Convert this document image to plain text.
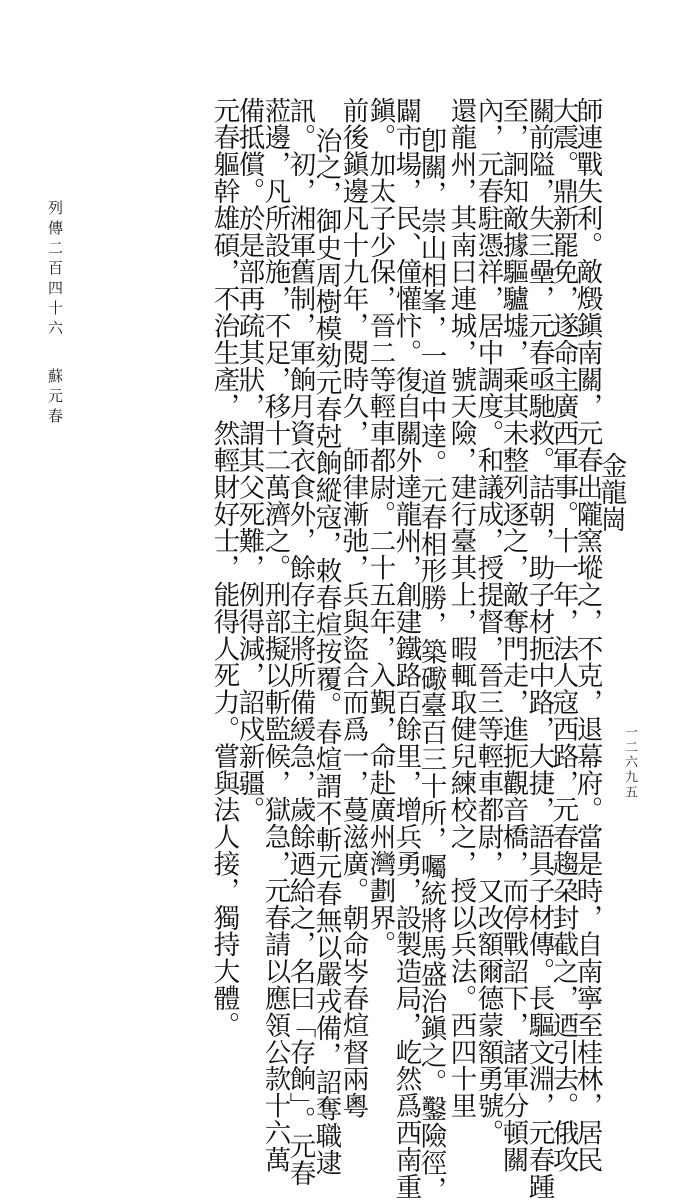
金龍崗
師連戰失利。敵燬鎭南關，元春出隴窯㙡之，不克，退幕府。當是時，自南寧至桂林，居民
大震。鼎新罷免，遂命主廣西軍事。十一年，法人寇西路，元春趨朶封截之，迺引去。俄攻
關前隘，失三壘，元春亟馳救。詰朝，助子材扼中路，大捷，語具子材傳。長驅文淵，元春踵
至，詗知敵據驅驢墟，乘其未整列逐之，敵奪門走，進扼觀音橋，而停戰詔下，諸軍分頓關
內，元春駐憑祥，居中調度。和議成，授提督，晉三等輕車都尉，又改額爾德蒙額勇號。
還龍州，其南曰連城，號天險，建行臺其上，暇輒取健兒練校之，授以兵法。西四十里
卽關，崇山相峯，一道中達。元春相形勝，築礮臺百三十所，囑統將馬盛治鎭之。鑿險徑，
闢市場，民、僮懽忭。復自關外達龍州，創建鐵路百餘里，增兵勇，設製造局，屹然爲西南重
鎭。加太子少保，晉二等輕車都尉。二十五年，入覲，命赴廣州灣劃界。
前後鎭邊凡十九年，閱時久，師律漸弛，兵與盜合而爲一，蔓滋廣。朝命岑春煊督兩粵
治之，御史周樹模劾元春尅餉縱寇，敕春煊按覆。春煊謂不斬元春無以嚴戎備，詔奪職逮
訊。初，湘軍舊制，軍餉月資衣食外，餘存主將所備緩急，歲餘迺給之，名曰「存餉」。元春
蒞邊，凡所設施，不足，移十二萬濟之。刑部擬以斬監候，獄急，元春請以應領公款十六萬
備抵償。於是部再疏其狀，謂其父死難，例得減，詔戍新疆。
元春軀幹雄碩，不治生產，然輕財好士，能得人死力。嘗與法人接，獨持大體。
列傳二百四十六蘇元春
一二六九五
